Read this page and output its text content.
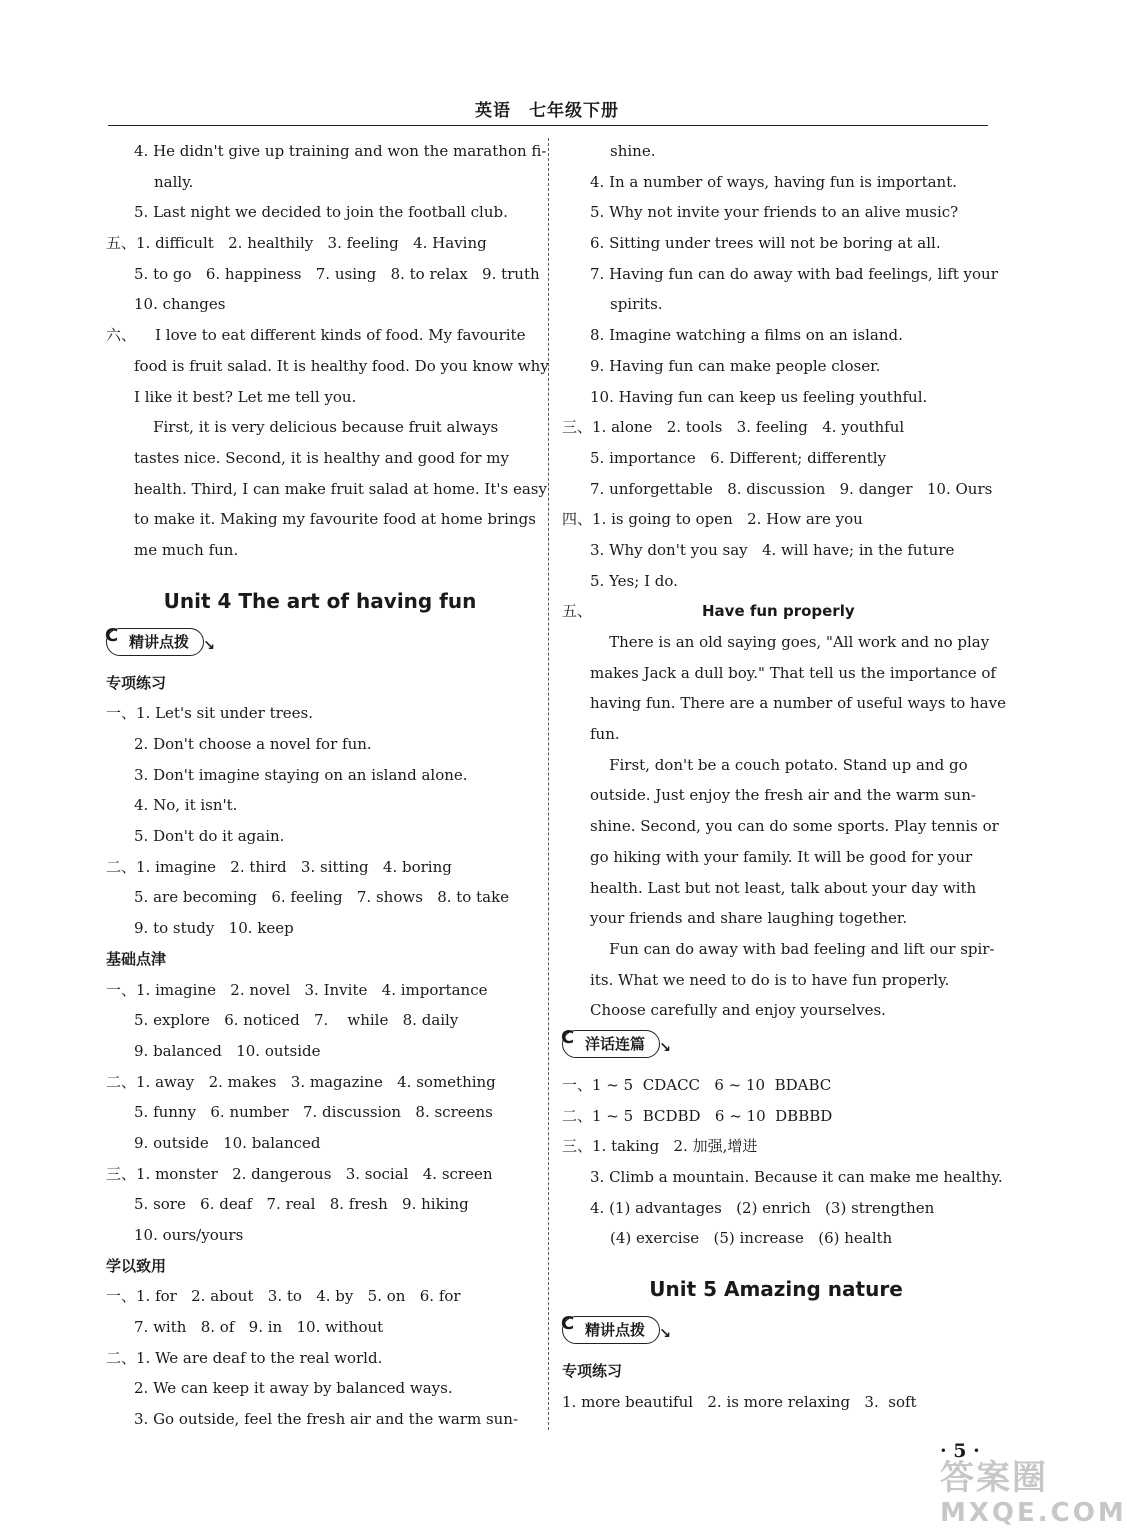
英语　七年级下册
4. He didn't give up training and won the marathon fi-
nally.
5. Last night we decided to join the football club.
五、1. difficult   2. healthily   3. feeling   4. Having
5. to go   6. happiness   7. using   8. to relax   9. truth
10. changes
六、    I love to eat different kinds of food. My favourite
food is fruit salad. It is healthy food. Do you know why
I like it best? Let me tell you.
First, it is very delicious because fruit always
tastes nice. Second, it is healthy and good for my
health. Third, I can make fruit salad at home. It's easy
to make it. Making my favourite food at home brings
me much fun.
Unit 4 The art of having fun
C 精讲点拨 ↘
专项练习
一、1. Let's sit under trees.
2. Don't choose a novel for fun.
3. Don't imagine staying on an island alone.
4. No, it isn't.
5. Don't do it again.
二、1. imagine   2. third   3. sitting   4. boring
5. are becoming   6. feeling   7. shows   8. to take
9. to study   10. keep
基础点津
一、1. imagine   2. novel   3. Invite   4. importance
5. explore   6. noticed   7.    while   8. daily
9. balanced   10. outside
二、1. away   2. makes   3. magazine   4. something
5. funny   6. number   7. discussion   8. screens
9. outside   10. balanced
三、1. monster   2. dangerous   3. social   4. screen
5. sore   6. deaf   7. real   8. fresh   9. hiking
10. ours/yours
学以致用
一、1. for   2. about   3. to   4. by   5. on   6. for
7. with   8. of   9. in   10. without
二、1. We are deaf to the real world.
2. We can keep it away by balanced ways.
3. Go outside, feel the fresh air and the warm sun-
shine.
4. In a number of ways, having fun is important.
5. Why not invite your friends to an alive music?
6. Sitting under trees will not be boring at all.
7. Having fun can do away with bad feelings, lift your
spirits.
8. Imagine watching a films on an island.
9. Having fun can make people closer.
10. Having fun can keep us feeling youthful.
三、1. alone   2. tools   3. feeling   4. youthful
5. importance   6. Different; differently
7. unforgettable   8. discussion   9. danger   10. Ours
四、1. is going to open   2. How are you
3. Why don't you say   4. will have; in the future
5. Yes; I do.
五、	Have fun properly
There is an old saying goes, "All work and no play
makes Jack a dull boy." That tell us the importance of
having fun. There are a number of useful ways to have
fun.
First, don't be a couch potato. Stand up and go
outside. Just enjoy the fresh air and the warm sun-
shine. Second, you can do some sports. Play tennis or
go hiking with your family. It will be good for your
health. Last but not least, talk about your day with
your friends and share laughing together.
Fun can do away with bad feeling and lift our spir-
its. What we need to do is to have fun properly.
Choose carefully and enjoy yourselves.
C 洋话连篇 ↘
一、1 ~ 5  CDACC   6 ~ 10  BDABC
二、1 ~ 5  BCDBD   6 ~ 10  DBBBD
三、1. taking   2. 加强,增进
3. Climb a mountain. Because it can make me healthy.
4. (1) advantages   (2) enrich   (3) strengthen
(4) exercise   (5) increase   (6) health
Unit 5 Amazing nature
C 精讲点拨 ↘
专项练习
1. more beautiful   2. is more relaxing   3.  soft
· 5 ·
答案圈
MXQE.COM
